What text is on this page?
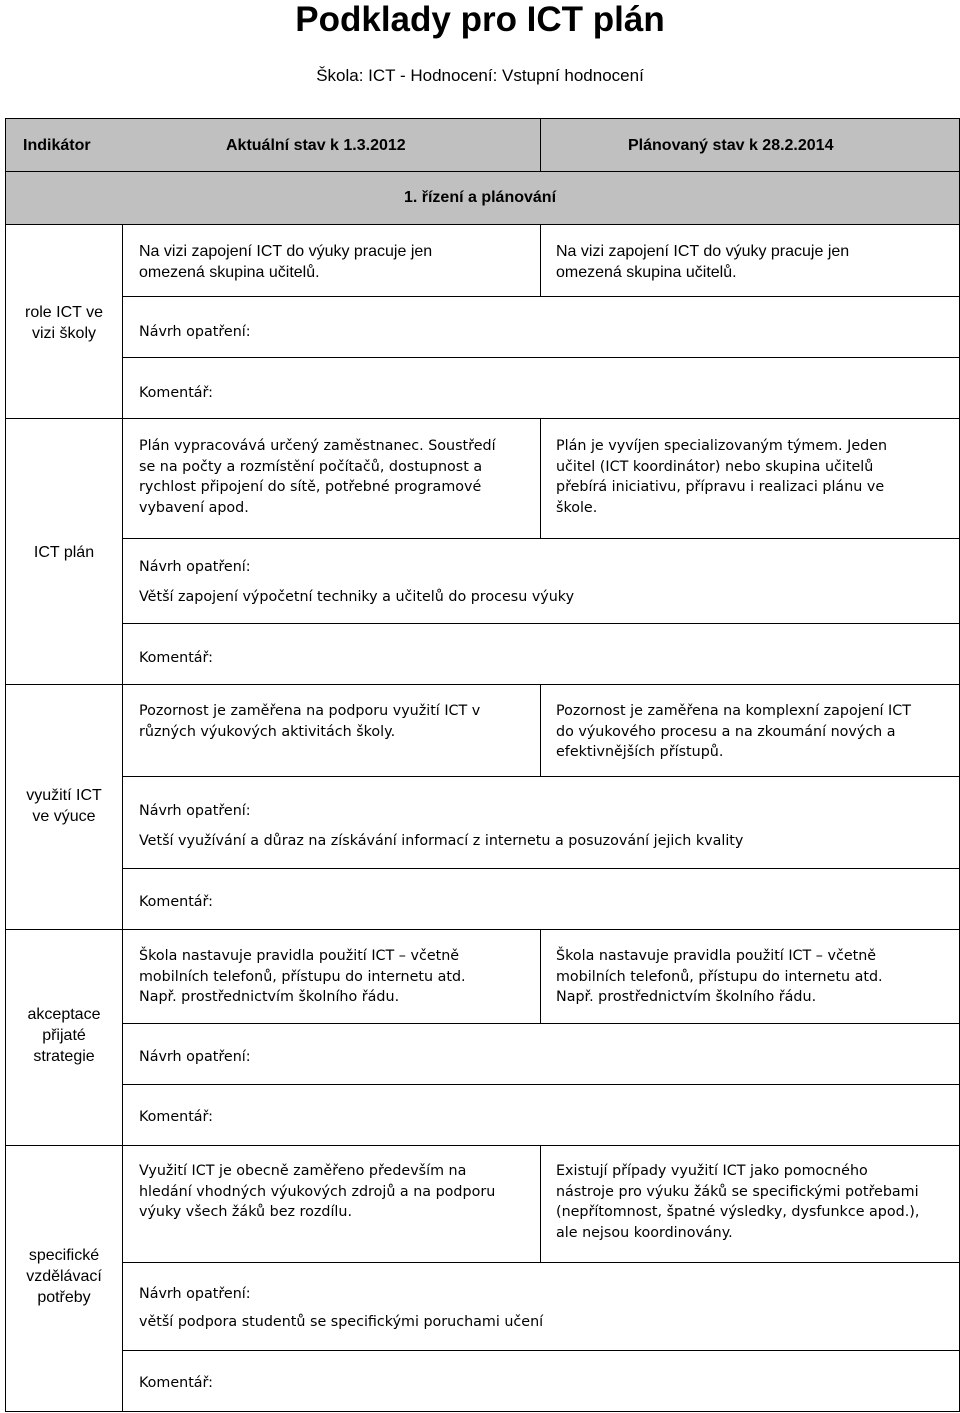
Podklady pro ICT plán
Škola: ICT - Hodnocení: Vstupní hodnocení
Indikátor	Aktuální stav k 1.3.2012	Plánovaný stav k 28.2.2014
1. řízení a plánování
role ICT ve
vizi školy
Na vizi zapojení ICT do výuky pracuje jen
omezená skupina učitelů.
Na vizi zapojení ICT do výuky pracuje jen
omezená skupina učitelů.
Návrh opatření:
Komentář:
ICT plán
Plán vypracovává určený zaměstnanec. Soustředí
se na počty a rozmístění počítačů, dostupnost a
rychlost připojení do sítě, potřebné programové
vybavení apod.
Plán je vyvíjen specializovaným týmem. Jeden
učitel (ICT koordinátor) nebo skupina učitelů
přebírá iniciativu, přípravu i realizaci plánu ve
škole.
Návrh opatření:
Větší zapojení výpočetní techniky a učitelů do procesu výuky
Komentář:
využití ICT
ve výuce
Pozornost je zaměřena na podporu využití ICT v
různých výukových aktivitách školy.
Pozornost je zaměřena na komplexní zapojení ICT
do výukového procesu a na zkoumání nových a
efektivnějších přístupů.
Návrh opatření:
Vetší využívání a důraz na získávání informací z internetu a posuzování jejich kvality
Komentář:
akceptace
přijaté
strategie
Škola nastavuje pravidla použití ICT – včetně
mobilních telefonů, přístupu do internetu atd.
Např. prostřednictvím školního řádu.
Škola nastavuje pravidla použití ICT – včetně
mobilních telefonů, přístupu do internetu atd.
Např. prostřednictvím školního řádu.
Návrh opatření:
Komentář:
specifické
vzdělávací
potřeby
Využití ICT je obecně zaměřeno především na
hledání vhodných výukových zdrojů a na podporu
výuky všech žáků bez rozdílu.
Existují případy využití ICT jako pomocného
nástroje pro výuku žáků se specifickými potřebami
(nepřítomnost, špatné výsledky, dysfunkce apod.),
ale nejsou koordinovány.
Návrh opatření:
větší podpora studentů se specifickými poruchami učení
Komentář:
